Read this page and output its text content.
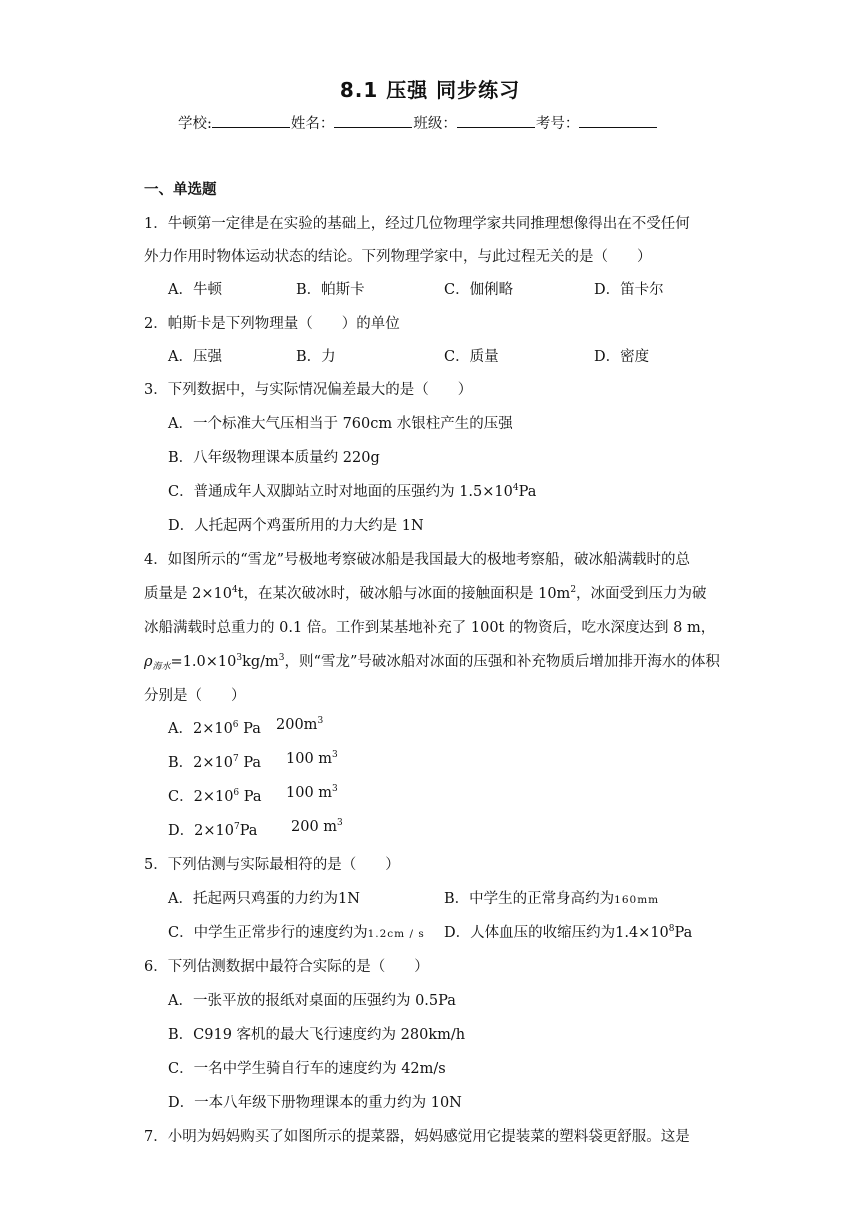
8.1 压强 同步练习
学校:	姓名：	班级：	考号：
一、单选题
1．牛顿第一定律是在实验的基础上，经过几位物理学家共同推理想像得出在不受任何
外力作用时物体运动状态的结论。下列物理学家中，与此过程无关的是（　　）
A．牛顿	B．帕斯卡	C．伽俐略	D．笛卡尔
2．帕斯卡是下列物理量（　　）的单位
A．压强	B．力	C．质量	D．密度
3．下列数据中，与实际情况偏差最大的是（　　）
A．一个标准大气压相当于 760cm 水银柱产生的压强
B．八年级物理课本质量约 220g
C．普通成年人双脚站立时对地面的压强约为 $1.5\times 10^4Pa$
D．人托起两个鸡蛋所用的力大约是 1N
4．如图所示的“雪龙”号极地考察破冰船是我国最大的极地考察船，破冰船满载时的总
质量是 $2\times 10^4t$，在某次破冰时，破冰船与冰面的接触面积是 $10m^2$，冰面受到压力为破
冰船满载时总重力的 0.1 倍。工作到某基地补充了 100t 的物资后，吃水深度达到 8 m，
$\rho_{海水}=1.0\times 10^3kg/m^3$，则“雪龙”号破冰船对冰面的压强和补充物质后增加排开海水的体积
分别是（　　）
A．$2\times 10^6$ Pa $200m^3$
B．$2\times 10^7$ Pa 100 $m^3$
C．$2\times 10^6$ Pa 100 $m^3$
D．$2\times 10^7Pa$ 200 $m^3$
5．下列估测与实际最相符的是（　　）
A．托起两只鸡蛋的力约为1N	B．中学生的正常身高约为160mm
C．中学生正常步行的速度约为1.2cm / s D．人体血压的收缩压约为$1.4\times 10^8Pa$
6．下列估测数据中最符合实际的是（　　）
A．一张平放的报纸对桌面的压强约为 0.5Pa
B．C919 客机的最大飞行速度约为 280km/h
C．一名中学生骑自行车的速度约为 42m/s
D．一本八年级下册物理课本的重力约为 10N
7．小明为妈妈购买了如图所示的提菜器，妈妈感觉用它提装菜的塑料袋更舒服。这是
